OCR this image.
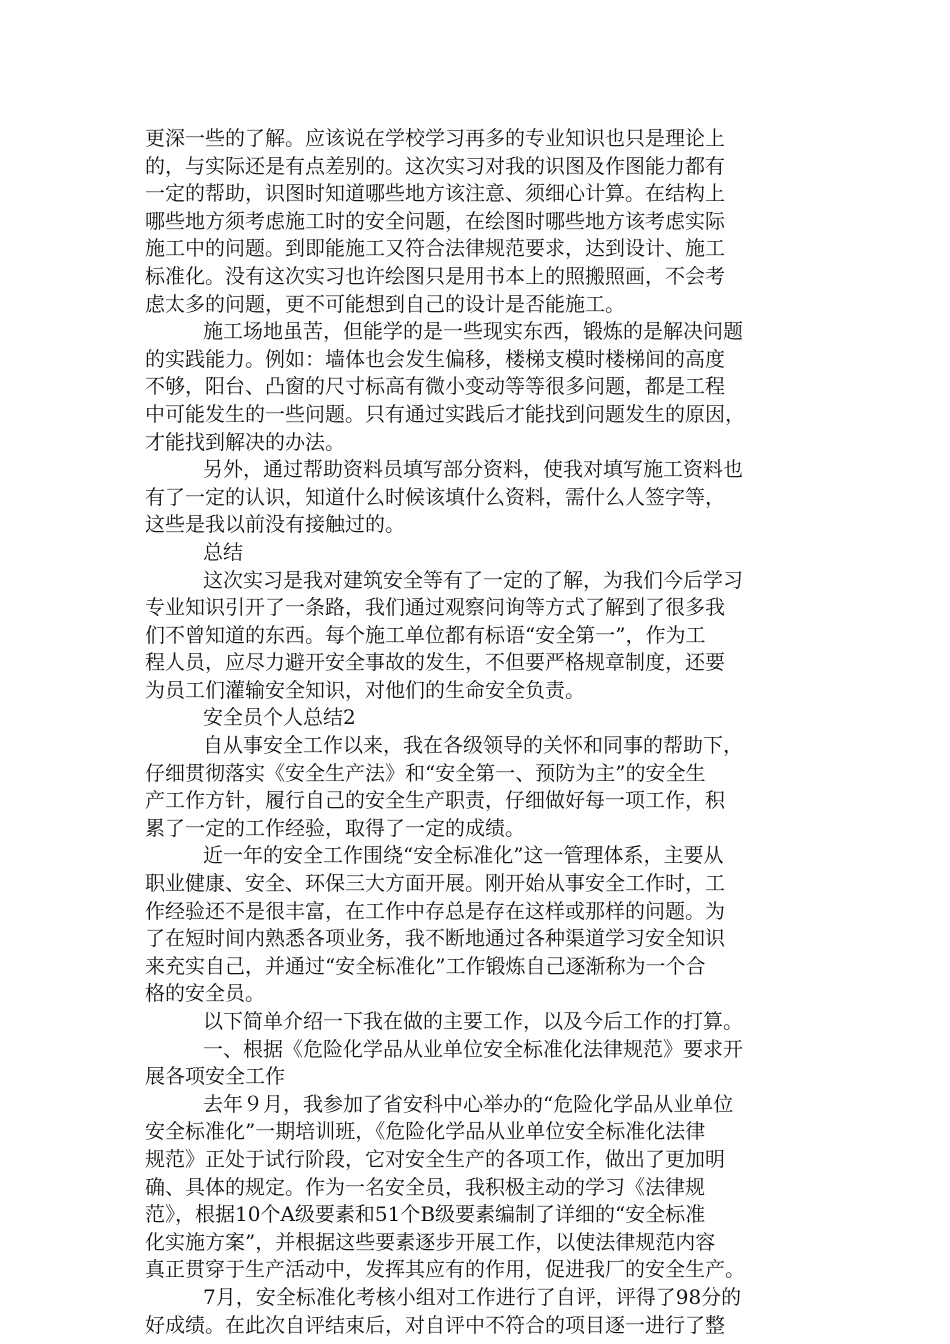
更深一些的了解。应该说在学校学习再多的专业知识也只是理论上
的，与实际还是有点差别的。这次实习对我的识图及作图能力都有
一定的帮助，识图时知道哪些地方该注意、须细心计算。在结构上
哪些地方须考虑施工时的安全问题，在绘图时哪些地方该考虑实际
施工中的问题。到即能施工又符合法律规范要求，达到设计、施工
标准化。没有这次实习也许绘图只是用书本上的照搬照画，不会考
虑太多的问题，更不可能想到自己的设计是否能施工。
施工场地虽苦，但能学的是一些现实东西，锻炼的是解决问题
的实践能力。例如：墙体也会发生偏移，楼梯支模时楼梯间的高度
不够，阳台、凸窗的尺寸标高有微小变动等等很多问题，都是工程
中可能发生的一些问题。只有通过实践后才能找到问题发生的原因，
才能找到解决的办法。
另外，通过帮助资料员填写部分资料，使我对填写施工资料也
有了一定的认识，知道什么时候该填什么资料，需什么人签字等，
这些是我以前没有接触过的。
总结
这次实习是我对建筑安全等有了一定的了解，为我们今后学习
专业知识引开了一条路，我们通过观察问询等方式了解到了很多我
们不曾知道的东西。每个施工单位都有标语“安全第一”，作为工
程人员，应尽力避开安全事故的发生，不但要严格规章制度，还要
为员工们灌输安全知识，对他们的生命安全负责。
安全员个人总结2
自从事安全工作以来，我在各级领导的关怀和同事的帮助下，
仔细贯彻落实《安全生产法》和“安全第一、预防为主”的安全生
产工作方针，履行自己的安全生产职责，仔细做好每一项工作，积
累了一定的工作经验，取得了一定的成绩。
近一年的安全工作围绕“安全标准化”这一管理体系，主要从
职业健康、安全、环保三大方面开展。刚开始从事安全工作时，工
作经验还不是很丰富，在工作中存总是存在这样或那样的问题。为
了在短时间内熟悉各项业务，我不断地通过各种渠道学习安全知识
来充实自己，并通过“安全标准化”工作锻炼自己逐渐称为一个合
格的安全员。
以下简单介绍一下我在做的主要工作，以及今后工作的打算。
一、根据《危险化学品从业单位安全标准化法律规范》要求开
展各项安全工作
去年９月，我参加了省安科中心举办的“危险化学品从业单位
安全标准化”一期培训班，《危险化学品从业单位安全标准化法律
规范》正处于试行阶段，它对安全生产的各项工作，做出了更加明
确、具体的规定。作为一名安全员，我积极主动的学习《法律规
范》，根据10个A级要素和51个B级要素编制了详细的“安全标准
化实施方案”，并根据这些要素逐步开展工作，以使法律规范内容
真正贯穿于生产活动中，发挥其应有的作用，促进我厂的安全生产。
7月，安全标准化考核小组对工作进行了自评，评得了98分的
好成绩。在此次自评结束后，对自评中不符合的项目逐一进行了整
